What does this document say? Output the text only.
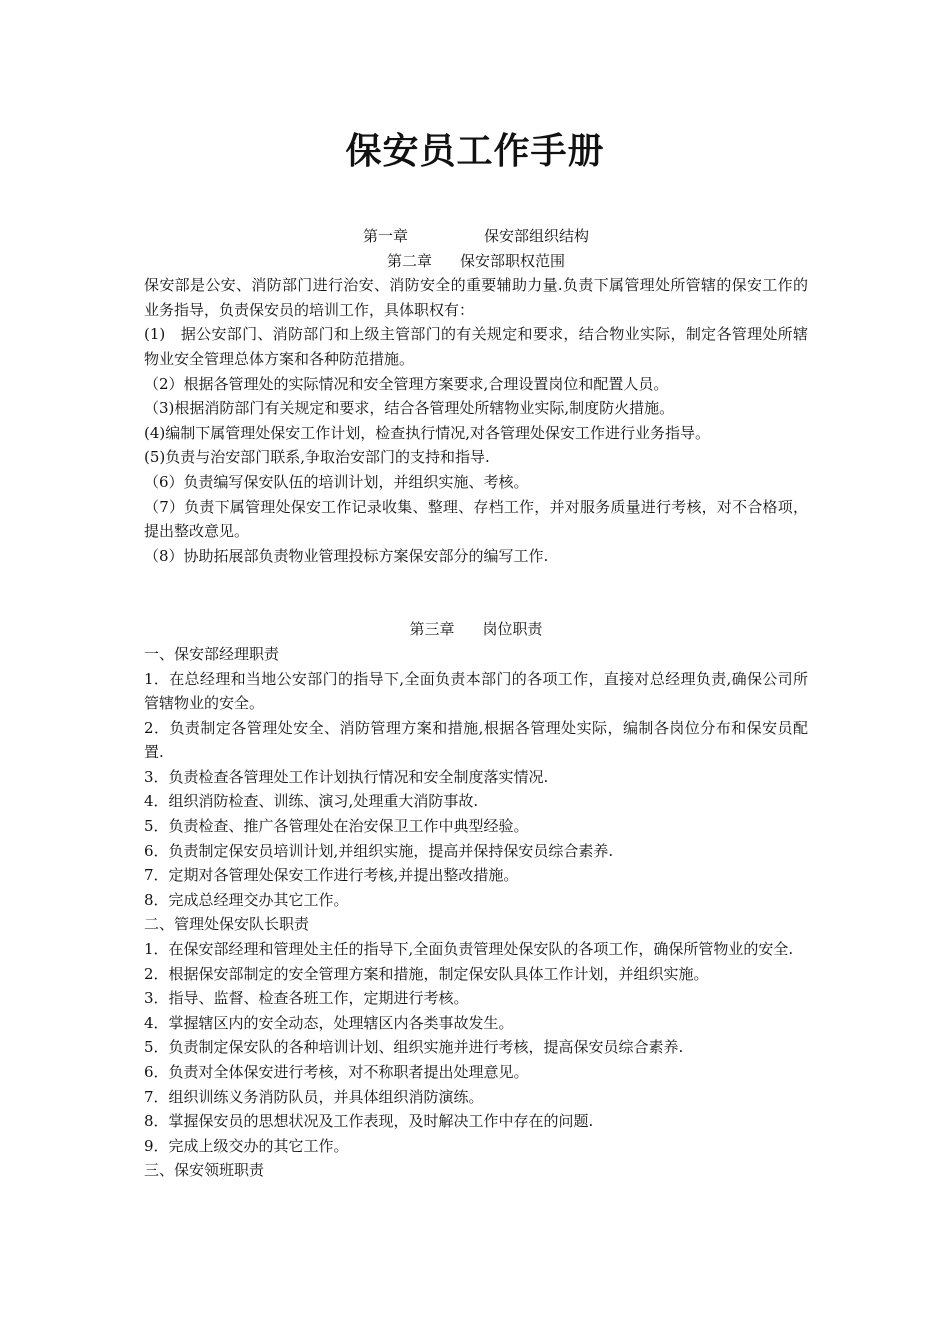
保安员工作手册

第一章	保安部组织结构

第二章 保安部职权范围

保安部是公安、消防部门进行治安、消防安全的重要辅助力量.负责下属管理处所管辖的保安工作的业务指导，负责保安员的培训工作，具体职权有：

(1)　据公安部门、消防部门和上级主管部门的有关规定和要求，结合物业实际，制定各管理处所辖物业安全管理总体方案和各种防范措施。

（2）根据各管理处的实际情况和安全管理方案要求,合理设置岗位和配置人员。

（3)根据消防部门有关规定和要求，结合各管理处所辖物业实际,制度防火措施。

(4)编制下属管理处保安工作计划，检查执行情况,对各管理处保安工作进行业务指导。

(5)负责与治安部门联系,争取治安部门的支持和指导.

（6）负责编写保安队伍的培训计划，并组织实施、考核。

（7）负责下属管理处保安工作记录收集、整理、存档工作，并对服务质量进行考核，对不合格项，提出整改意见。

（8）协助拓展部负责物业管理投标方案保安部分的编写工作.

第三章 岗位职责

一、保安部经理职责

1．在总经理和当地公安部门的指导下,全面负责本部门的各项工作，直接对总经理负责,确保公司所管辖物业的安全。

2．负责制定各管理处安全、消防管理方案和措施,根据各管理处实际，编制各岗位分布和保安员配置.

3．负责检查各管理处工作计划执行情况和安全制度落实情况.

4．组织消防检查、训练、演习,处理重大消防事故.

5．负责检查、推广各管理处在治安保卫工作中典型经验。

6．负责制定保安员培训计划,并组织实施，提高并保持保安员综合素养.

7．定期对各管理处保安工作进行考核,并提出整改措施。

8．完成总经理交办其它工作。

二、管理处保安队长职责

1．在保安部经理和管理处主任的指导下,全面负责管理处保安队的各项工作，确保所管物业的安全.

2．根据保安部制定的安全管理方案和措施，制定保安队具体工作计划，并组织实施。

3．指导、监督、检查各班工作，定期进行考核。

4．掌握辖区内的安全动态，处理辖区内各类事故发生。

5．负责制定保安队的各种培训计划、组织实施并进行考核，提高保安员综合素养.

6．负责对全体保安进行考核，对不称职者提出处理意见。

7．组织训练义务消防队员，并具体组织消防演练。

8．掌握保安员的思想状况及工作表现，及时解决工作中存在的问题.

9．完成上级交办的其它工作。

三、保安领班职责
